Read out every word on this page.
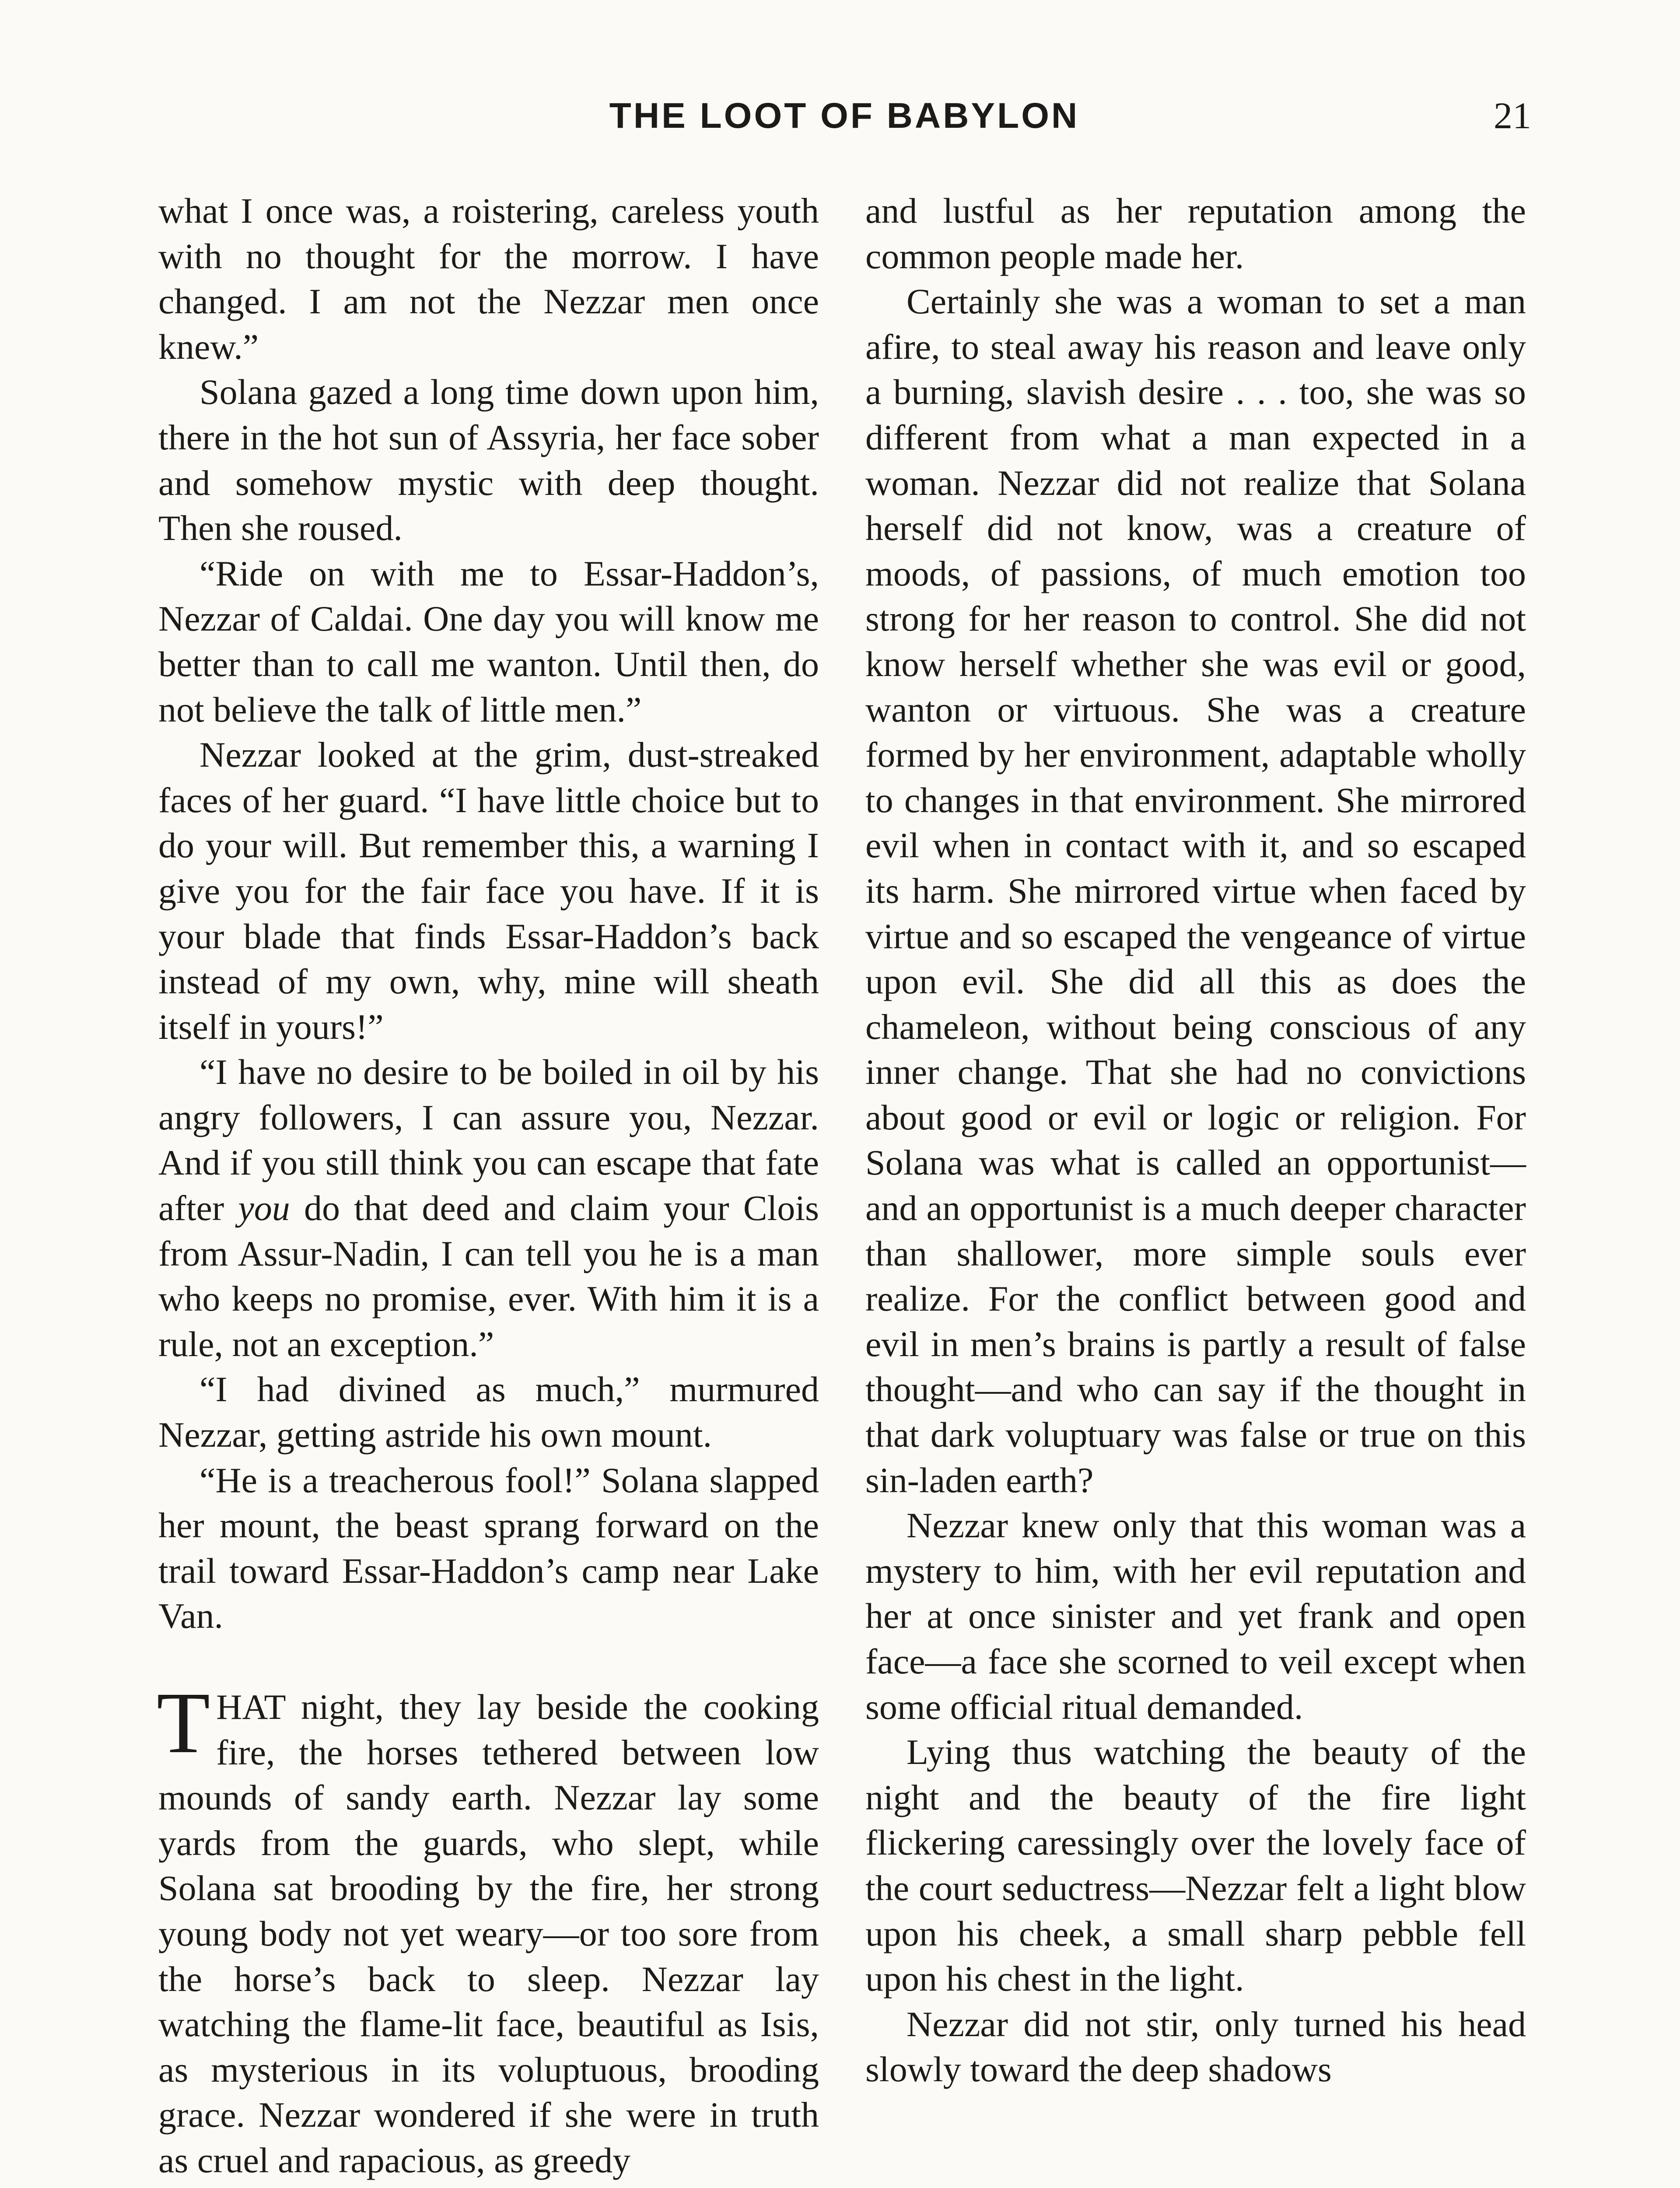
THE LOOT OF BABYLON	21

what I once was, a roistering, careless youth with no thought for the morrow. I have changed. I am not the Nezzar men once knew.”

Solana gazed a long time down upon him, there in the hot sun of Assyria, her face sober and somehow mystic with deep thought. Then she roused.

“Ride on with me to Essar-Haddon’s, Nezzar of Caldai. One day you will know me better than to call me wanton. Until then, do not believe the talk of little men.”

Nezzar looked at the grim, dust-streaked faces of her guard. “I have little choice but to do your will. But remember this, a warning I give you for the fair face you have. If it is your blade that finds Essar-Haddon’s back instead of my own, why, mine will sheath itself in yours!”

“I have no desire to be boiled in oil by his angry followers, I can assure you, Nezzar. And if you still think you can escape that fate after you do that deed and claim your Clois from Assur-Nadin, I can tell you he is a man who keeps no promise, ever. With him it is a rule, not an exception.”

“I had divined as much,” murmured Nezzar, getting astride his own mount.

“He is a treacherous fool!” Solana slapped her mount, the beast sprang forward on the trail toward Essar-Haddon’s camp near Lake Van.

THAT night, they lay beside the cooking fire, the horses tethered between low mounds of sandy earth. Nezzar lay some yards from the guards, who slept, while Solana sat brooding by the fire, her strong young body not yet weary—or too sore from the horse’s back to sleep. Nezzar lay watching the flame-lit face, beautiful as Isis, as mysterious in its voluptuous, brooding grace. Nezzar wondered if she were in truth as cruel and rapacious, as greedy

and lustful as her reputation among the common people made her.

Certainly she was a woman to set a man afire, to steal away his reason and leave only a burning, slavish desire . . . too, she was so different from what a man expected in a woman. Nezzar did not realize that Solana herself did not know, was a creature of moods, of passions, of much emotion too strong for her reason to control. She did not know herself whether she was evil or good, wanton or virtuous. She was a creature formed by her environment, adaptable wholly to changes in that environment. She mirrored evil when in contact with it, and so escaped its harm. She mirrored virtue when faced by virtue and so escaped the vengeance of virtue upon evil. She did all this as does the chameleon, without being conscious of any inner change. That she had no convictions about good or evil or logic or religion. For Solana was what is called an opportunist—and an opportunist is a much deeper character than shallower, more simple souls ever realize. For the conflict between good and evil in men’s brains is partly a result of false thought—and who can say if the thought in that dark voluptuary was false or true on this sin-laden earth?

Nezzar knew only that this woman was a mystery to him, with her evil reputation and her at once sinister and yet frank and open face—a face she scorned to veil except when some official ritual demanded.

Lying thus watching the beauty of the night and the beauty of the fire light flickering caressingly over the lovely face of the court seductress—Nezzar felt a light blow upon his cheek, a small sharp pebble fell upon his chest in the light.

Nezzar did not stir, only turned his head slowly toward the deep shadows
